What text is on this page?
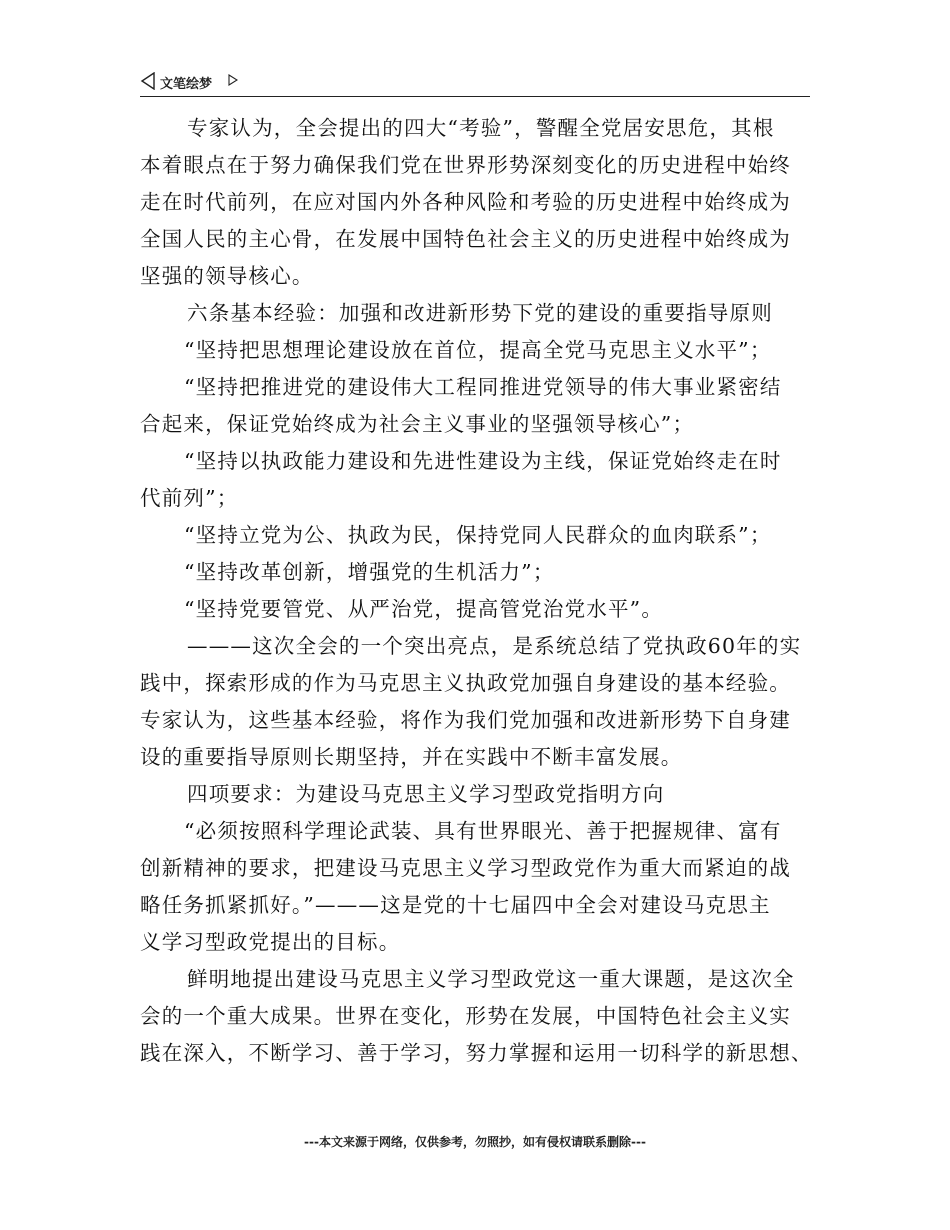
文笔绘梦
专家认为，全会提出的四大“考验”，警醒全党居安思危，其根
本着眼点在于努力确保我们党在世界形势深刻变化的历史进程中始终
走在时代前列，在应对国内外各种风险和考验的历史进程中始终成为
全国人民的主心骨，在发展中国特色社会主义的历史进程中始终成为
坚强的领导核心。
六条基本经验：加强和改进新形势下党的建设的重要指导原则
“坚持把思想理论建设放在首位，提高全党马克思主义水平”；
“坚持把推进党的建设伟大工程同推进党领导的伟大事业紧密结
合起来，保证党始终成为社会主义事业的坚强领导核心”；
“坚持以执政能力建设和先进性建设为主线，保证党始终走在时
代前列”；
“坚持立党为公、执政为民，保持党同人民群众的血肉联系”；
“坚持改革创新，增强党的生机活力”；
“坚持党要管党、从严治党，提高管党治党水平”。
———这次全会的一个突出亮点，是系统总结了党执政60年的实
践中，探索形成的作为马克思主义执政党加强自身建设的基本经验。
专家认为，这些基本经验，将作为我们党加强和改进新形势下自身建
设的重要指导原则长期坚持，并在实践中不断丰富发展。
四项要求：为建设马克思主义学习型政党指明方向
“必须按照科学理论武装、具有世界眼光、善于把握规律、富有
创新精神的要求，把建设马克思主义学习型政党作为重大而紧迫的战
略任务抓紧抓好。”———这是党的十七届四中全会对建设马克思主
义学习型政党提出的目标。
鲜明地提出建设马克思主义学习型政党这一重大课题，是这次全
会的一个重大成果。世界在变化，形势在发展，中国特色社会主义实
践在深入，不断学习、善于学习，努力掌握和运用一切科学的新思想、
---本文来源于网络，仅供参考，勿照抄，如有侵权请联系删除---
